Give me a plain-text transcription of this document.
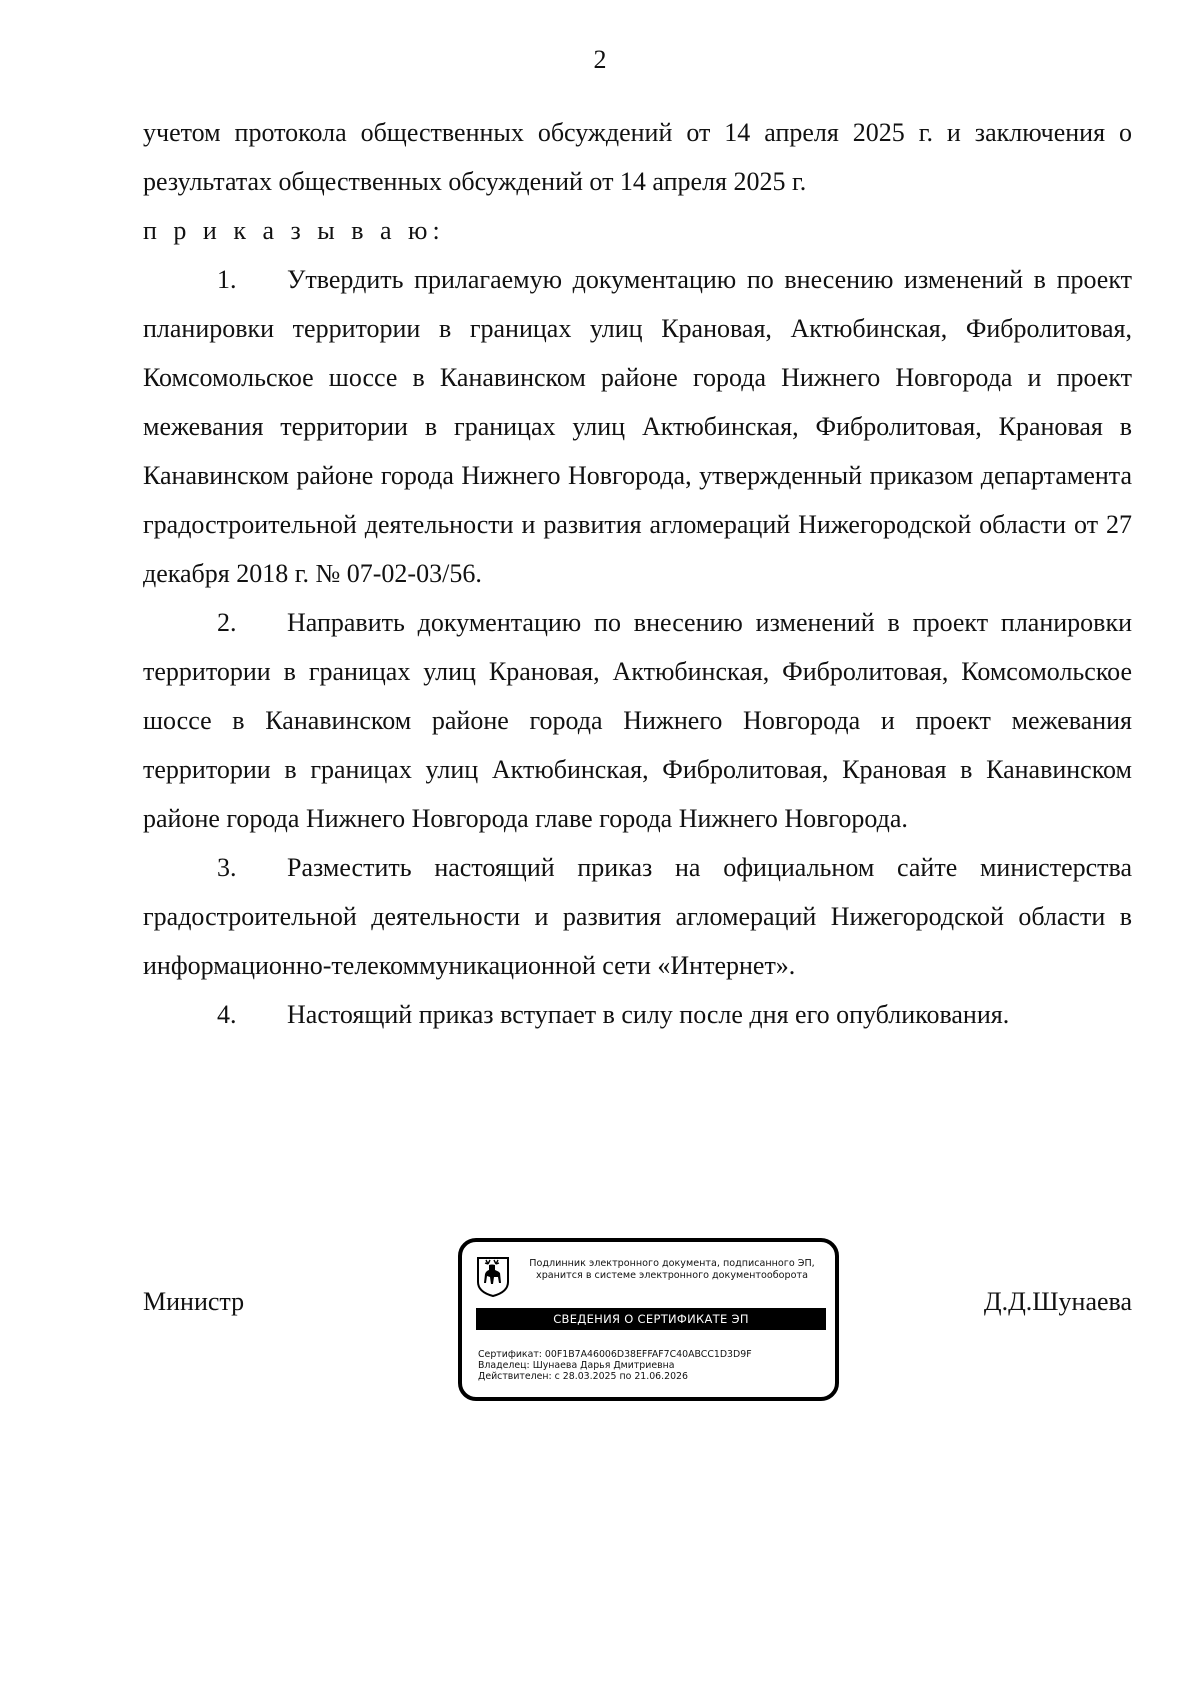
2

учетом протокола общественных обсуждений от 14 апреля 2025 г. и заключения о результатах общественных обсуждений от 14 апреля 2025 г.

п р и к а з ы в а ю:

1. Утвердить прилагаемую документацию по внесению изменений в проект планировки территории в границах улиц Крановая, Актюбинская, Фибролитовая, Комсомольское шоссе в Канавинском районе города Нижнего Новгорода и проект межевания территории в границах улиц Актюбинская, Фибролитовая, Крановая в Канавинском районе города Нижнего Новгорода, утвержденный приказом департамента градостроительной деятельности и развития агломераций Нижегородской области от 27 декабря 2018 г. № 07-02-03/56.

2. Направить документацию по внесению изменений в проект планировки территории в границах улиц Крановая, Актюбинская, Фибролитовая, Комсомольское шоссе в Канавинском районе города Нижнего Новгорода и проект межевания территории в границах улиц Актюбинская, Фибролитовая, Крановая в Канавинском районе города Нижнего Новгорода главе города Нижнего Новгорода.

3. Разместить настоящий приказ на официальном сайте министерства градостроительной деятельности и развития агломераций Нижегородской области в информационно-телекоммуникационной сети «Интернет».

4. Настоящий приказ вступает в силу после дня его опубликования.

Министр
Подлинник электронного документа, подписанного ЭП,
хранится в системе электронного документооборота
СВЕДЕНИЯ О СЕРТИФИКАТЕ ЭП
Сертификат: 00F1B7A46006D38EFFAF7C40ABCC1D3D9F
Владелец: Шунаева Дарья Дмитриевна
Действителен: с 28.03.2025 по 21.06.2026
Д.Д.Шунаева
